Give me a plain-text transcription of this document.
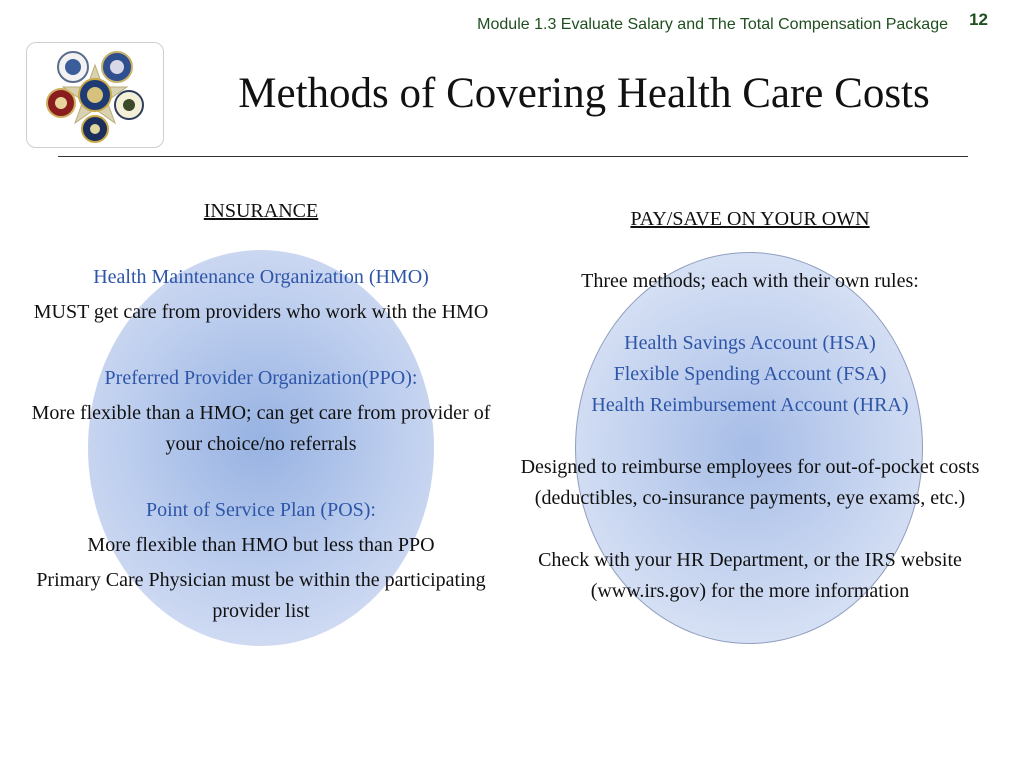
Module 1.3 Evaluate Salary and The Total Compensation Package 12
Methods of Covering Health Care Costs

INSURANCE

Health Maintenance Organization (HMO)

MUST get care from providers who work with the HMO

Preferred Provider Organization(PPO):

More flexible than a HMO; can get care from provider of your choice/no referrals

Point of Service Plan (POS):

More flexible than HMO but less than PPO

Primary Care Physician must be within the participating provider list

PAY/SAVE ON YOUR OWN

Three methods; each with their own rules:

Health Savings Account (HSA)

Flexible Spending Account (FSA)

Health Reimbursement Account (HRA)

Designed to reimburse employees for out-of-pocket costs (deductibles, co-insurance payments, eye exams, etc.)

Check with your HR Department, or the IRS website (www.irs.gov) for the more information
